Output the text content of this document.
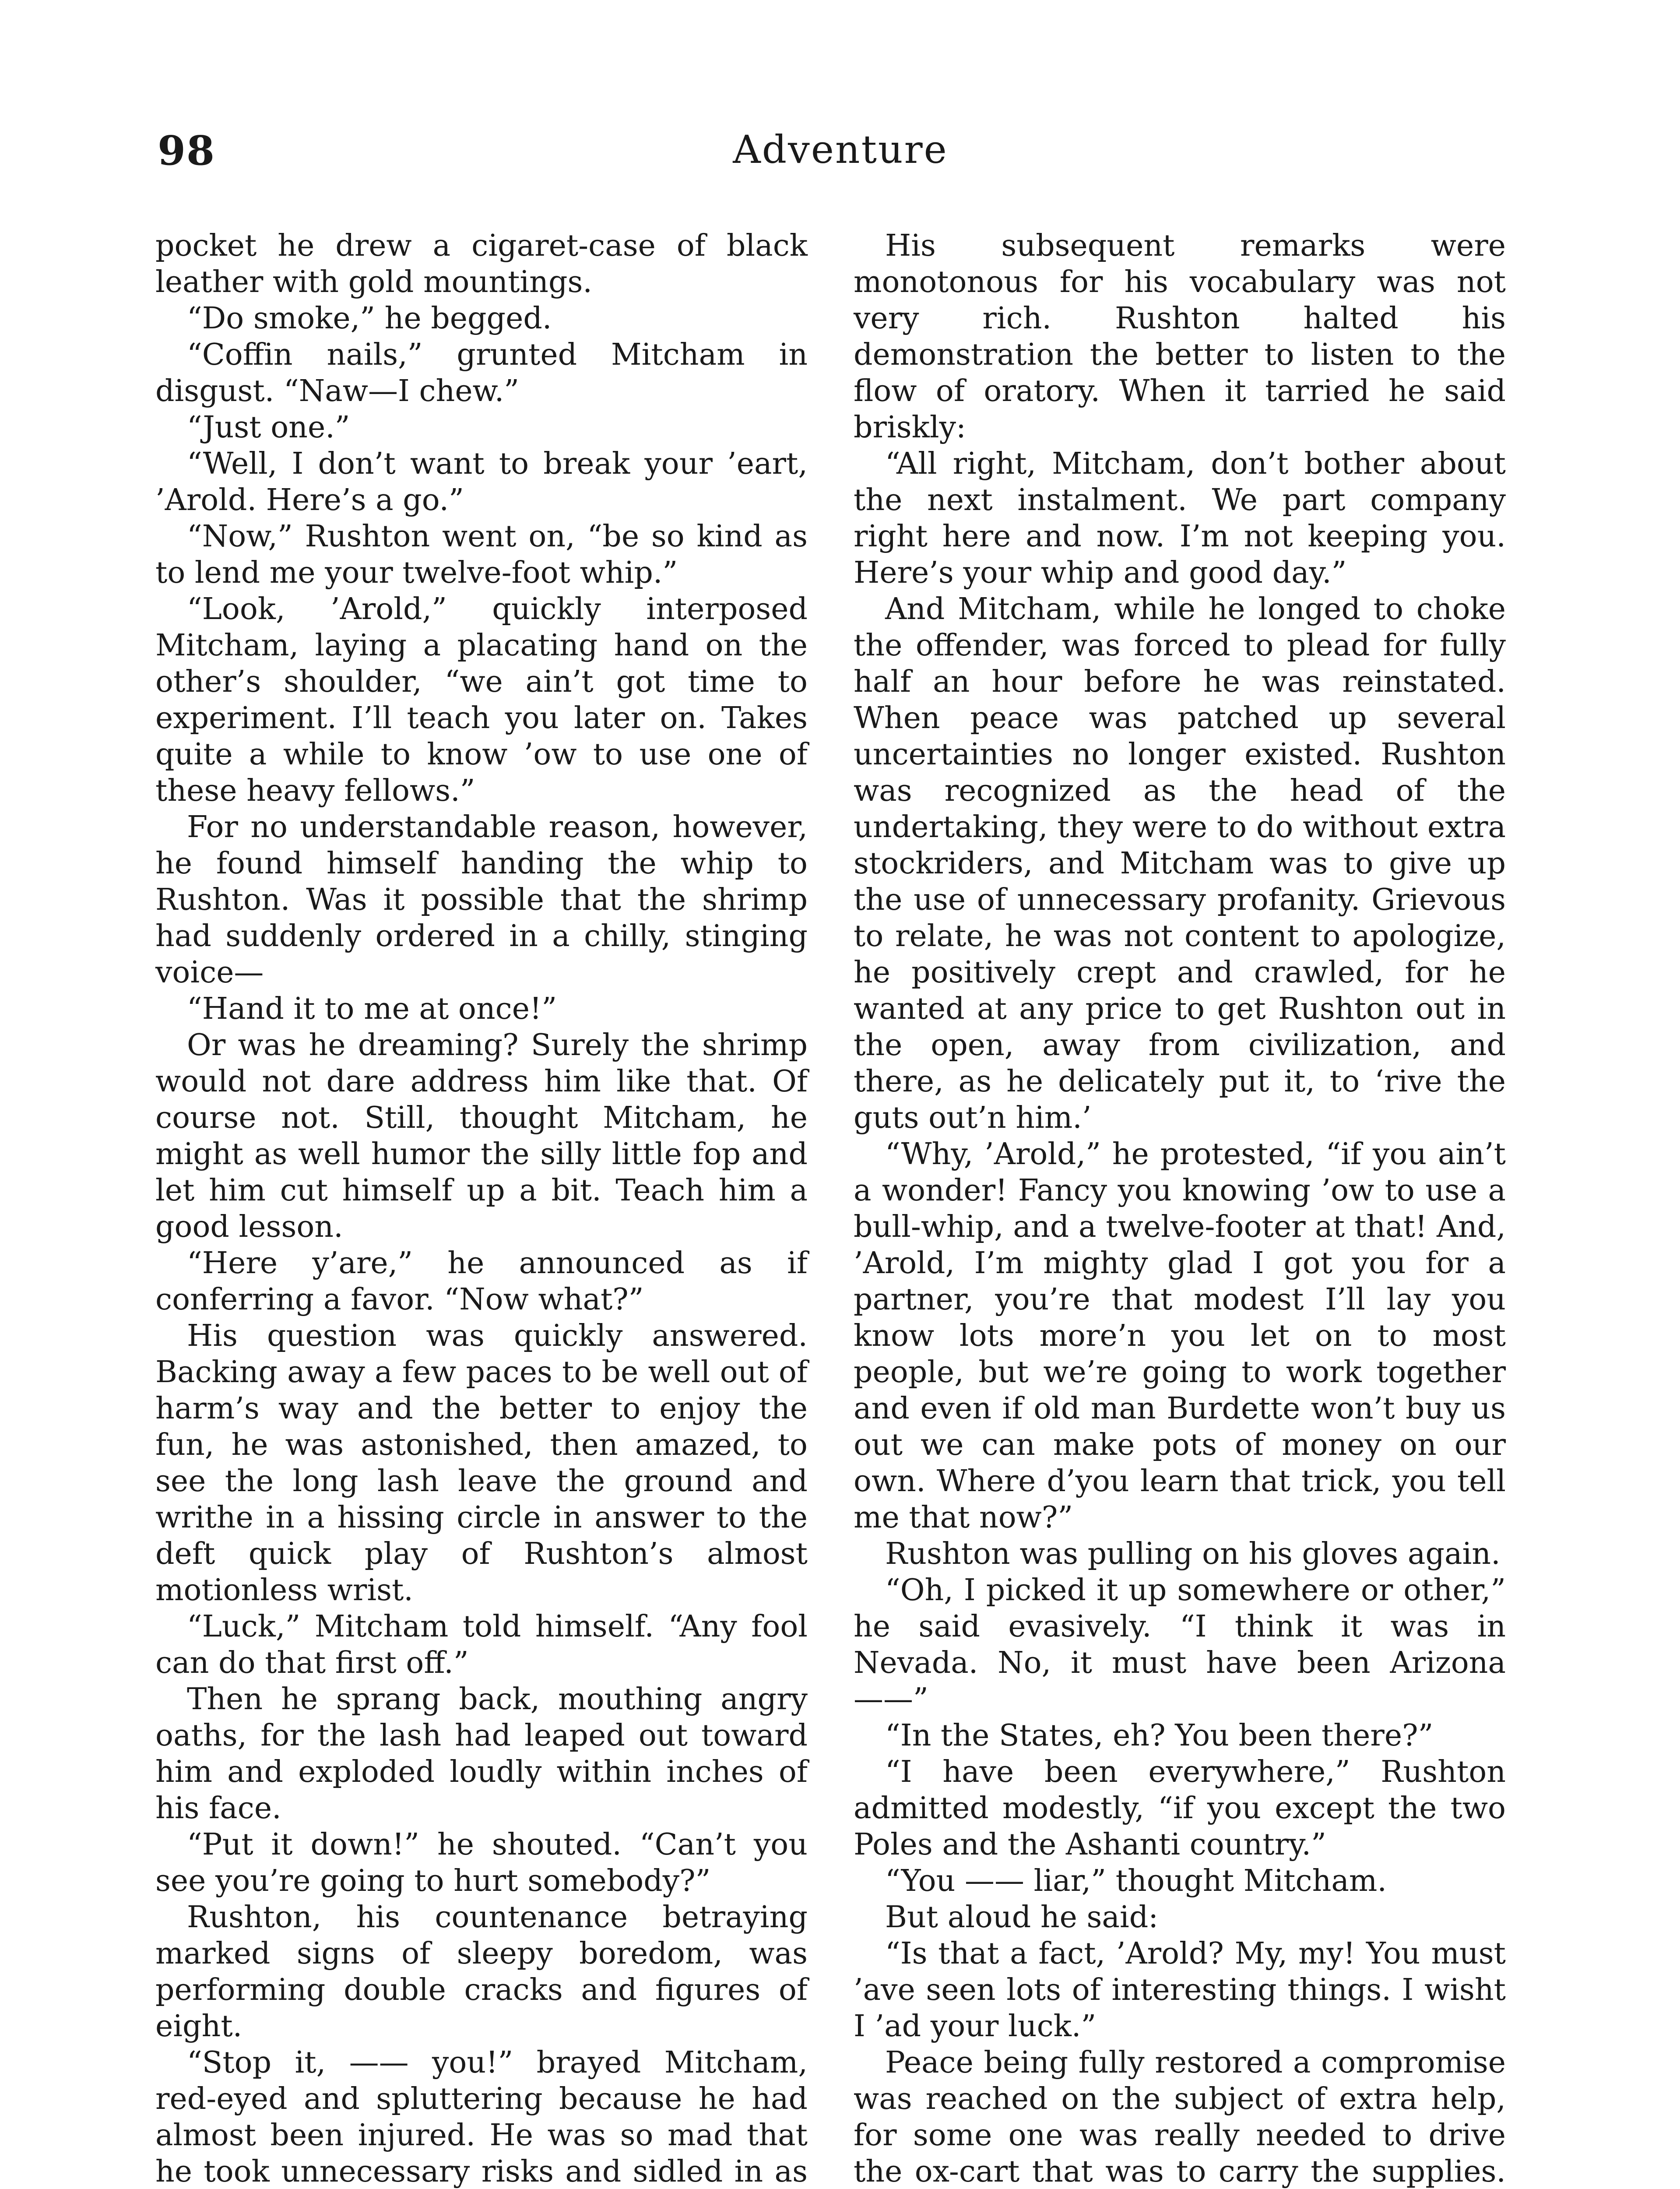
98	Adventure

pocket he drew a cigaret-case of black leather with gold mountings.

“Do smoke,” he begged.

“Coffin nails,” grunted Mitcham in disgust. “Naw—I chew.”

“Just one.”

“Well, I don’t want to break your ’eart, ’Arold. Here’s a go.”

“Now,” Rushton went on, “be so kind as to lend me your twelve-foot whip.”

“Look, ’Arold,” quickly interposed Mitcham, laying a placating hand on the other’s shoulder, “we ain’t got time to experiment. I’ll teach you later on. Takes quite a while to know ’ow to use one of these heavy fellows.”

For no understandable reason, however, he found himself handing the whip to Rushton. Was it possible that the shrimp had suddenly ordered in a chilly, stinging voice—

“Hand it to me at once!”

Or was he dreaming? Surely the shrimp would not dare address him like that. Of course not. Still, thought Mitcham, he might as well humor the silly little fop and let him cut himself up a bit. Teach him a good lesson.

“Here y’are,” he announced as if conferring a favor. “Now what?”

His question was quickly answered. Backing away a few paces to be well out of harm’s way and the better to enjoy the fun, he was astonished, then amazed, to see the long lash leave the ground and writhe in a hissing circle in answer to the deft quick play of Rushton’s almost motionless wrist.

“Luck,” Mitcham told himself. “Any fool can do that first off.”

Then he sprang back, mouthing angry oaths, for the lash had leaped out toward him and exploded loudly within inches of his face.

“Put it down!” he shouted. “Can’t you see you’re going to hurt somebody?”

Rushton, his countenance betraying marked signs of sleepy boredom, was performing double cracks and figures of eight.

“Stop it, —— you!” brayed Mitcham, red-eyed and spluttering because he had almost been injured. He was so mad that he took unnecessary risks and sidled in as

His subsequent remarks were monotonous for his vocabulary was not very rich. Rushton halted his demonstration the better to listen to the flow of oratory. When it tarried he said briskly:

“All right, Mitcham, don’t bother about the next instalment. We part company right here and now. I’m not keeping you. Here’s your whip and good day.”

And Mitcham, while he longed to choke the offender, was forced to plead for fully half an hour before he was reinstated. When peace was patched up several uncertainties no longer existed. Rushton was recognized as the head of the undertaking, they were to do without extra stockriders, and Mitcham was to give up the use of unnecessary profanity. Grievous to relate, he was not content to apologize, he positively crept and crawled, for he wanted at any price to get Rushton out in the open, away from civilization, and there, as he delicately put it, to ‘rive the guts out’n him.’

“Why, ’Arold,” he protested, “if you ain’t a wonder! Fancy you knowing ’ow to use a bull-whip, and a twelve-footer at that! And, ’Arold, I’m mighty glad I got you for a partner, you’re that modest I’ll lay you know lots more’n you let on to most people, but we’re going to work together and even if old man Burdette won’t buy us out we can make pots of money on our own. Where d’you learn that trick, you tell me that now?”

Rushton was pulling on his gloves again.

“Oh, I picked it up somewhere or other,” he said evasively. “I think it was in Nevada. No, it must have been Arizona——”

“In the States, eh? You been there?”

“I have been everywhere,” Rushton admitted modestly, “if you except the two Poles and the Ashanti country.”

“You —— liar,” thought Mitcham.

But aloud he said:

“Is that a fact, ’Arold? My, my! You must ’ave seen lots of interesting things. I wisht I ’ad your luck.”

Peace being fully restored a compromise was reached on the subject of extra help, for some one was really needed to drive the ox-cart that was to carry the supplies.
